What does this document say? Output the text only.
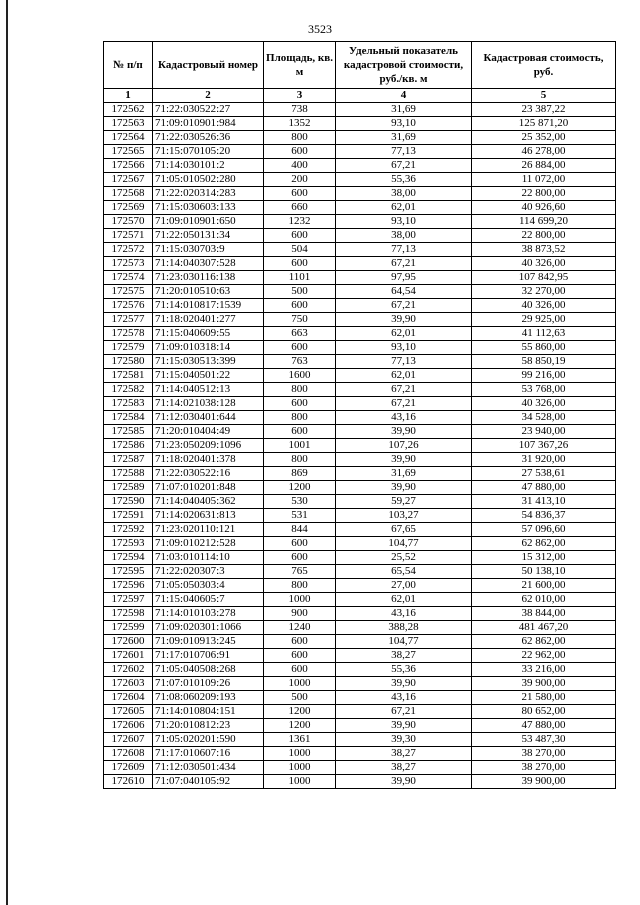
3523
№ п/п	Кадастровый номер	Площадь, кв. м	Удельный показатель кадастровой стоимости, руб./кв. м	Кадастровая стоимость, руб.
1	2	3	4	5
172562	71:22:030522:27	738	31,69	23 387,22
172563	71:09:010901:984	1352	93,10	125 871,20
172564	71:22:030526:36	800	31,69	25 352,00
172565	71:15:070105:20	600	77,13	46 278,00
172566	71:14:030101:2	400	67,21	26 884,00
172567	71:05:010502:280	200	55,36	11 072,00
172568	71:22:020314:283	600	38,00	22 800,00
172569	71:15:030603:133	660	62,01	40 926,60
172570	71:09:010901:650	1232	93,10	114 699,20
172571	71:22:050131:34	600	38,00	22 800,00
172572	71:15:030703:9	504	77,13	38 873,52
172573	71:14:040307:528	600	67,21	40 326,00
172574	71:23:030116:138	1101	97,95	107 842,95
172575	71:20:010510:63	500	64,54	32 270,00
172576	71:14:010817:1539	600	67,21	40 326,00
172577	71:18:020401:277	750	39,90	29 925,00
172578	71:15:040609:55	663	62,01	41 112,63
172579	71:09:010318:14	600	93,10	55 860,00
172580	71:15:030513:399	763	77,13	58 850,19
172581	71:15:040501:22	1600	62,01	99 216,00
172582	71:14:040512:13	800	67,21	53 768,00
172583	71:14:021038:128	600	67,21	40 326,00
172584	71:12:030401:644	800	43,16	34 528,00
172585	71:20:010404:49	600	39,90	23 940,00
172586	71:23:050209:1096	1001	107,26	107 367,26
172587	71:18:020401:378	800	39,90	31 920,00
172588	71:22:030522:16	869	31,69	27 538,61
172589	71:07:010201:848	1200	39,90	47 880,00
172590	71:14:040405:362	530	59,27	31 413,10
172591	71:14:020631:813	531	103,27	54 836,37
172592	71:23:020110:121	844	67,65	57 096,60
172593	71:09:010212:528	600	104,77	62 862,00
172594	71:03:010114:10	600	25,52	15 312,00
172595	71:22:020307:3	765	65,54	50 138,10
172596	71:05:050303:4	800	27,00	21 600,00
172597	71:15:040605:7	1000	62,01	62 010,00
172598	71:14:010103:278	900	43,16	38 844,00
172599	71:09:020301:1066	1240	388,28	481 467,20
172600	71:09:010913:245	600	104,77	62 862,00
172601	71:17:010706:91	600	38,27	22 962,00
172602	71:05:040508:268	600	55,36	33 216,00
172603	71:07:010109:26	1000	39,90	39 900,00
172604	71:08:060209:193	500	43,16	21 580,00
172605	71:14:010804:151	1200	67,21	80 652,00
172606	71:20:010812:23	1200	39,90	47 880,00
172607	71:05:020201:590	1361	39,30	53 487,30
172608	71:17:010607:16	1000	38,27	38 270,00
172609	71:12:030501:434	1000	38,27	38 270,00
172610	71:07:040105:92	1000	39,90	39 900,00
